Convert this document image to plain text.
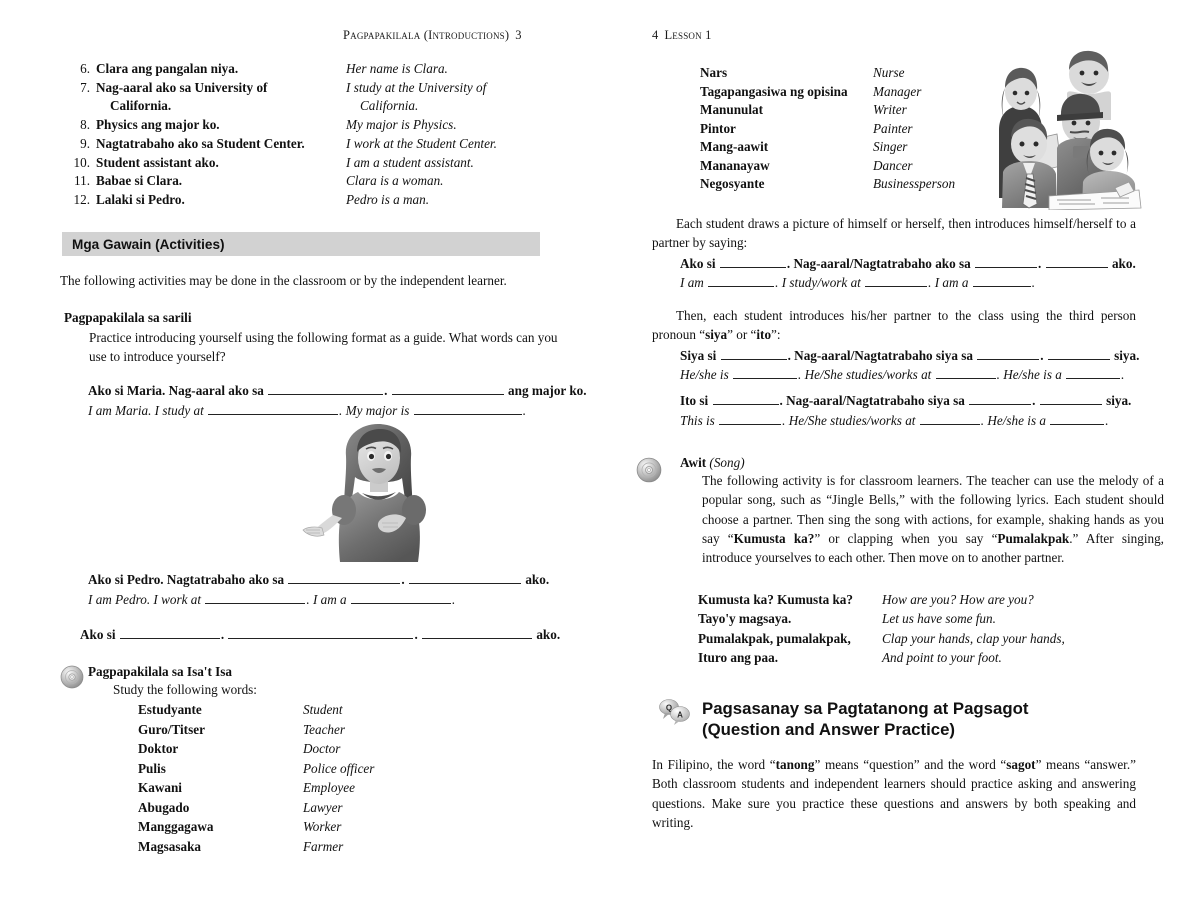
Pagpapakilala (Introductions) 3
6. Clara ang pangalan niya.	Her name is Clara.
7. Nag-aaral ako sa University of	I study at the University of
California.	California.
8. Physics ang major ko.	My major is Physics.
9. Nagtatrabaho ako sa Student Center.	I work at the Student Center.
10. Student assistant ako.	I am a student assistant.
11. Babae si Clara.	Clara is a woman.
12. Lalaki si Pedro.	Pedro is a man.
Mga Gawain (Activities)
The following activities may be done in the classroom or by the independent learner.
Pagpapakilala sa sarili
Practice introducing yourself using the following format as a guide. What words can you use to introduce yourself?
Ako si Maria. Nag-aaral ako sa	.	ang major ko.
I am Maria. I study at	. My major is	.
Ako si Pedro. Nagtatrabaho ako sa	.	ako.
I am Pedro. I work at	. I am a	.
Ako si	.	.	ako.
Pagpapakilala sa Isa't Isa
Study the following words:
Estudyante	Student
Guro/Titser	Teacher
Doktor	Doctor
Pulis	Police officer
Kawani	Employee
Abugado	Lawyer
Manggagawa	Worker
Magsasaka	Farmer
4 Lesson 1
Nars	Nurse
Tagapangasiwa ng opisina	Manager
Manunulat	Writer
Pintor	Painter
Mang-aawit	Singer
Mananayaw	Dancer
Negosyante	Businessperson
Each student draws a picture of himself or herself, then introduces himself/herself to a partner by saying:
Ako si	. Nag-aaral/Nagtatrabaho ako sa	.	ako.
I am	. I study/work at	. I am a	.
Then, each student introduces his/her partner to the class using the third person pronoun “siya” or “ito”:
Siya si	. Nag-aaral/Nagtatrabaho siya sa	.	siya.
He/she is	. He/She studies/works at	. He/she is a	.
Ito si	. Nag-aaral/Nagtatrabaho siya sa	.	siya.
This is	. He/She studies/works at	. He/she is a	.
Awit (Song)
The following activity is for classroom learners. The teacher can use the melody of a popular song, such as “Jingle Bells,” with the following lyrics. Each student should choose a partner. Then sing the song with actions, for example, shaking hands as you say “Kumusta ka?” or clapping when you say “Pumalakpak.” After singing, introduce yourselves to each other. Then move on to another partner.
Kumusta ka? Kumusta ka?	How are you? How are you?
Tayo'y magsaya.	Let us have some fun.
Pumalakpak, pumalakpak,	Clap your hands, clap your hands,
Ituro ang paa.	And point to your foot.
Q
A Pagsasanay sa Pagtatanong at Pagsagot
(Question and Answer Practice)
In Filipino, the word “tanong” means “question” and the word “sagot” means “answer.” Both classroom students and independent learners should practice asking and answering questions. Make sure you practice these questions and answers by both speaking and writing.
